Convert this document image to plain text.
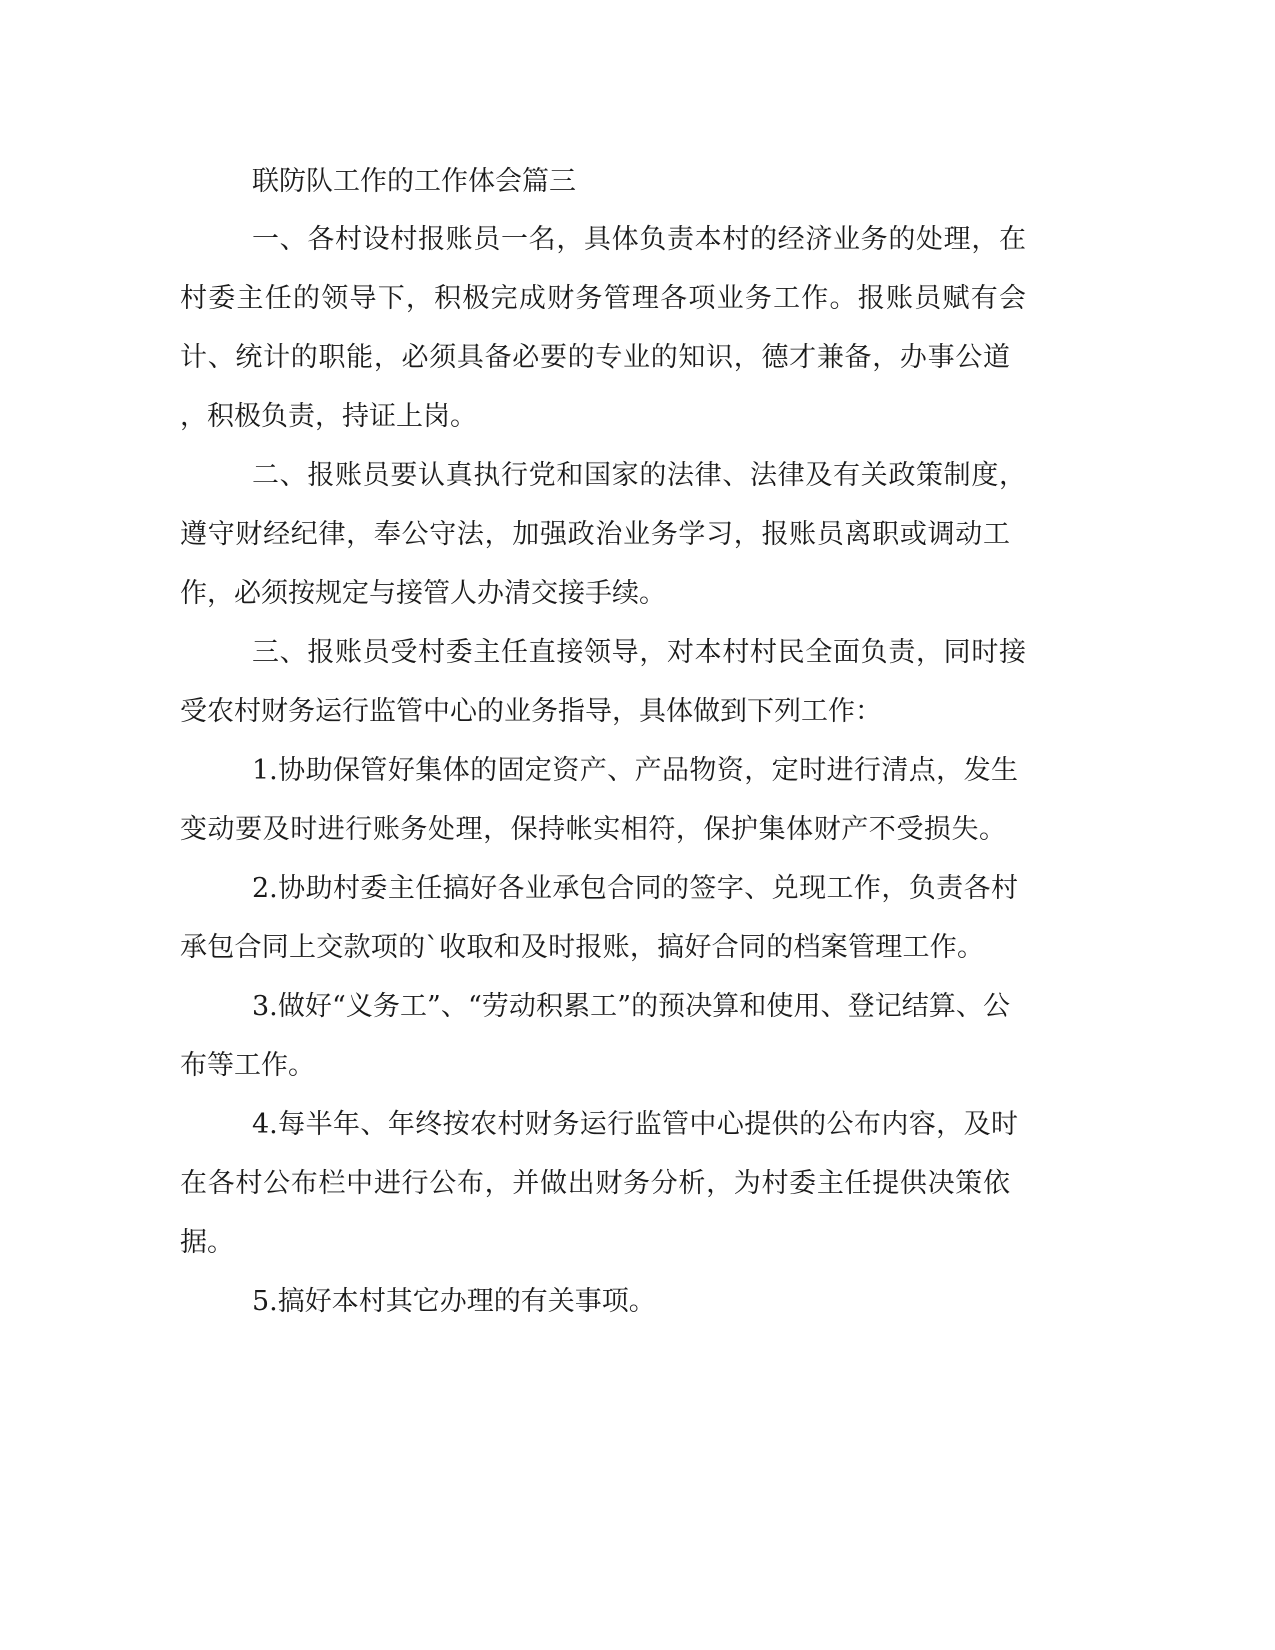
联防队工作的工作体会篇三
一、各村设村报账员一名，具体负责本村的经济业务的处理，在
村委主任的领导下，积极完成财务管理各项业务工作。报账员赋有会
计、统计的职能，必须具备必要的专业的知识，德才兼备，办事公道
，积极负责，持证上岗。
二、报账员要认真执行党和国家的法律、法律及有关政策制度，
遵守财经纪律，奉公守法，加强政治业务学习，报账员离职或调动工
作，必须按规定与接管人办清交接手续。
三、报账员受村委主任直接领导，对本村村民全面负责，同时接
受农村财务运行监管中心的业务指导，具体做到下列工作：
1.协助保管好集体的固定资产、产品物资，定时进行清点，发生
变动要及时进行账务处理，保持帐实相符，保护集体财产不受损失。
2.协助村委主任搞好各业承包合同的签字、兑现工作，负责各村
承包合同上交款项的`收取和及时报账，搞好合同的档案管理工作。
3.做好“义务工”、“劳动积累工”的预决算和使用、登记结算、公
布等工作。
4.每半年、年终按农村财务运行监管中心提供的公布内容，及时
在各村公布栏中进行公布，并做出财务分析，为村委主任提供决策依
据。
5.搞好本村其它办理的有关事项。
